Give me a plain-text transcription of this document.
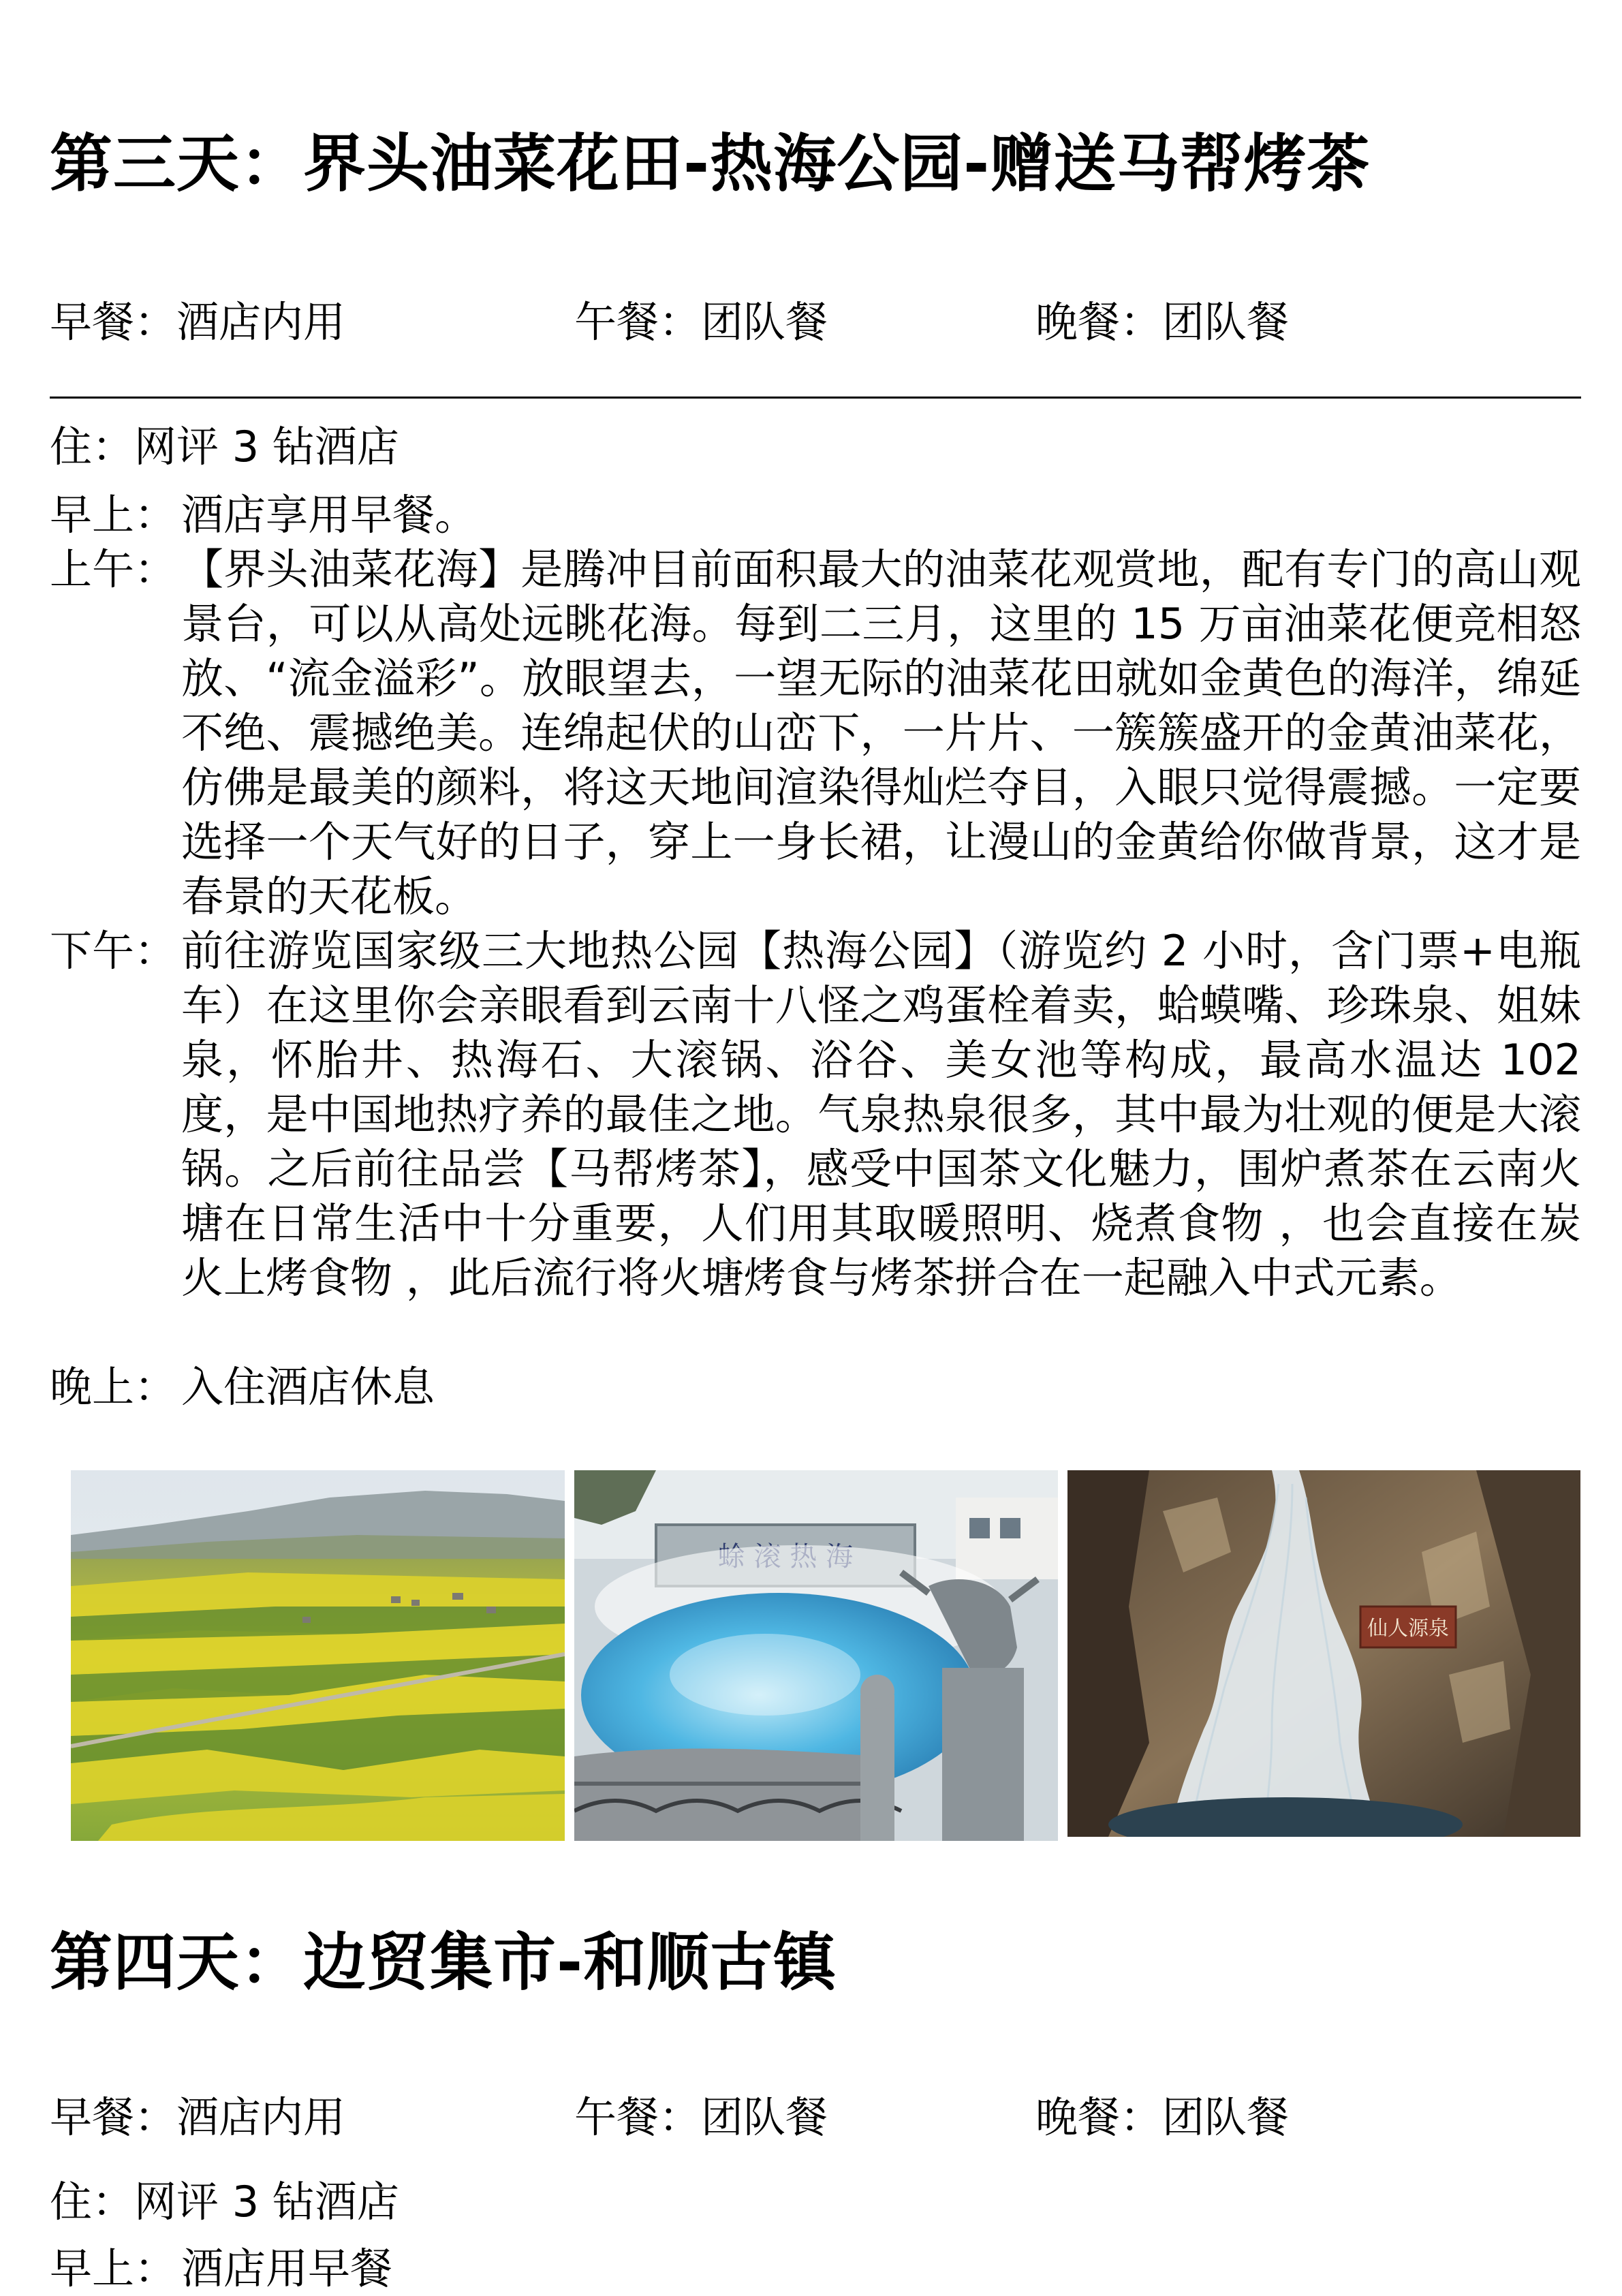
第三天：界头油菜花田-热海公园-赠送马帮烤茶
早餐：酒店内用	午餐：团队餐	晚餐：团队餐
住：网评 3 钻酒店
早上： 酒店享用早餐。
上午： 【界头油菜花海】是腾冲目前面积最大的油菜花观赏地，配有专门的高山观景台，可以从高处远眺花海。每到二三月，这里的 15 万亩油菜花便竞相怒放、“流金溢彩”。放眼望去，一望无际的油菜花田就如金黄色的海洋，绵延不绝、震撼绝美。连绵起伏的山峦下，一片片、一簇簇盛开的金黄油菜花，仿佛是最美的颜料，将这天地间渲染得灿烂夺目，入眼只觉得震撼。一定要选择一个天气好的日子，穿上一身长裙，让漫山的金黄给你做背景，这才是春景的天花板。
下午： 前往游览国家级三大地热公园【热海公园】（游览约 2 小时，含门票+电瓶车）在这里你会亲眼看到云南十八怪之鸡蛋栓着卖，蛤蟆嘴、珍珠泉、姐妹泉，怀胎井、热海石、大滚锅、浴谷、美女池等构成，最高水温达 102 度，是中国地热疗养的最佳之地。气泉热泉很多，其中最为壮观的便是大滚锅。之后前往品尝【马帮烤茶】，感受中国茶文化魅力，围炉煮茶在云南火塘在日常生活中十分重要，人们用其取暖照明、烧煮食物 ，也会直接在炭火上烤食物 ，此后流行将火塘烤食与烤茶拼合在一起融入中式元素。
晚上： 入住酒店休息
仙人源泉
第四天：边贸集市-和顺古镇
早餐：酒店内用	午餐：团队餐	晚餐：团队餐
住：网评 3 钻酒店
早上： 酒店用早餐
